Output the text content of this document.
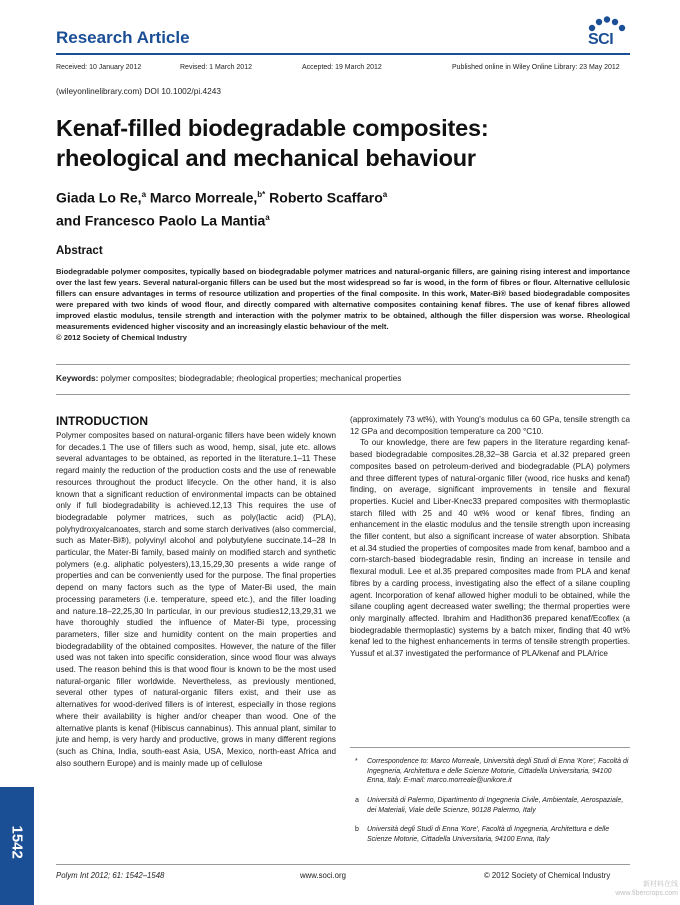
Research Article	SCI
Received: 10 January 2012	Revised: 1 March 2012	Accepted: 19 March 2012	Published online in Wiley Online Library: 23 May 2012
(wileyonlinelibrary.com) DOI 10.1002/pi.4243
Kenaf-filled biodegradable composites:
rheological and mechanical behaviour
Giada Lo Re,$^a$ Marco Morreale,$^{b*}$ Roberto Scaffaro$^a$
and Francesco Paolo La Mantia$^a$
Abstract
Biodegradable polymer composites, typically based on biodegradable polymer matrices and natural-organic fillers, are gaining rising interest and importance over the last few years. Several natural-organic fillers can be used but the most widespread so far is wood, in the form of fibres or flour. Alternative cellulosic fillers can ensure advantages in terms of resource utilization and properties of the final composite. In this work, Mater-Bi® based biodegradable composites were prepared with two kinds of wood flour, and directly compared with alternative composites containing kenaf fibres. The use of kenaf fibres allowed improved elastic modulus, tensile strength and interaction with the polymer matrix to be obtained, although the filler dispersion was worse. Rheological measurements evidenced higher viscosity and an increasingly elastic behaviour of the melt.
© 2012 Society of Chemical Industry
Keywords: polymer composites; biodegradable; rheological properties; mechanical properties
INTRODUCTION

Polymer composites based on natural-organic fillers have been widely known for decades.1 The use of fillers such as wood, hemp, sisal, jute etc. allows several advantages to be obtained, as reported in the literature.1–11 These regard mainly the reduction of the production costs and the use of renewable resources throughout the product lifecycle. On the other hand, it is also known that a significant reduction of environmental impacts can be obtained only if full biodegradability is achieved.12,13 This requires the use of biodegradable polymer matrices, such as poly(lactic acid) (PLA), polyhydroxyalcanoates, starch and some starch derivatives (also commercial, such as Mater-Bi®), polyvinyl alcohol and polybutylene succinate.14–28 In particular, the Mater-Bi family, based mainly on modified starch and synthetic polymers (e.g. aliphatic polyesters),13,15,29,30 presents a wide range of properties and can be conveniently used for the purpose. The final properties depend on many factors such as the type of Mater-Bi used, the main processing parameters (i.e. temperature, speed etc.), and the filler loading and nature.18–22,25,30 In particular, in our previous studies12,13,29,31 we have thoroughly studied the influence of Mater-Bi type, processing parameters, filler size and humidity content on the main properties and biodegradability of the obtained composites. However, the nature of the filler used was not taken into specific consideration, since wood flour was always used. The reason behind this is that wood flour is known to be the most used natural-organic filler worldwide. Nevertheless, as previously mentioned, several other types of natural-organic fillers exist, and their use as alternatives for wood-derived fillers is of interest, especially in those regions where their availability is higher and/or cheaper than wood. One of the alternative plants is kenaf (Hibiscus cannabinus). This annual plant, similar to jute and hemp, is very hardy and productive, grows in many different regions (such as China, India, south-east Asia, USA, Mexico, north-east Africa and also southern Europe) and is mainly made up of cellulose

(approximately 73 wt%), with Young's modulus ca 60 GPa, tensile strength ca 12 GPa and decomposition temperature ca 200 °C10.

To our knowledge, there are few papers in the literature regarding kenaf-based biodegradable composites.28,32–38 Garcia et al.32 prepared green composites based on petroleum-derived and biodegradable (PLA) polymers and three different types of natural-organic filler (wood, rice husks and kenaf) finding, on average, significant improvements in tensile and flexural properties. Kuciel and Liber-Knec33 prepared composites with thermoplastic starch filled with 25 and 40 wt% wood or kenaf fibres, finding an enhancement in the elastic modulus and the tensile strength upon increasing the filler content, but also a significant increase of water absorption. Shibata et al.34 studied the properties of composites made from kenaf, bamboo and a corn-starch-based biodegradable resin, finding an increase in tensile and flexural moduli. Lee et al.35 prepared composites made from PLA and kenaf fibres by a carding process, investigating also the effect of a silane coupling agent. Incorporation of kenaf allowed higher moduli to be obtained, while the silane coupling agent decreased water swelling; the thermal properties were only marginally affected. Ibrahim and Hadithon36 prepared kenaf/Ecoflex (a biodegradable thermoplastic) systems by a batch mixer, finding that 40 wt% kenaf led to the highest enhancements in terms of tensile strength properties. Yussuf et al.37 investigated the performance of PLA/kenaf and PLA/rice

* Correspondence to: Marco Morreale, Università degli Studi di Enna 'Kore', Facoltà di Ingegneria, Architettura e delle Scienze Motorie, Cittadella Universitaria, 94100 Enna, Italy. E-mail: marco.morreale@unikore.it
a Università di Palermo, Dipartimento di Ingegneria Civile, Ambientale, Aerospaziale, dei Materiali, Viale delle Scienze, 90128 Palermo, Italy
b Università degli Studi di Enna 'Kore', Facoltà di Ingegneria, Architettura e delle Scienze Motorie, Cittadella Universitaria, 94100 Enna, Italy
Polym Int 2012; 61: 1542–1548	www.soci.org	© 2012 Society of Chemical Industry
1542
新材料在线
www.fibercrops.com
